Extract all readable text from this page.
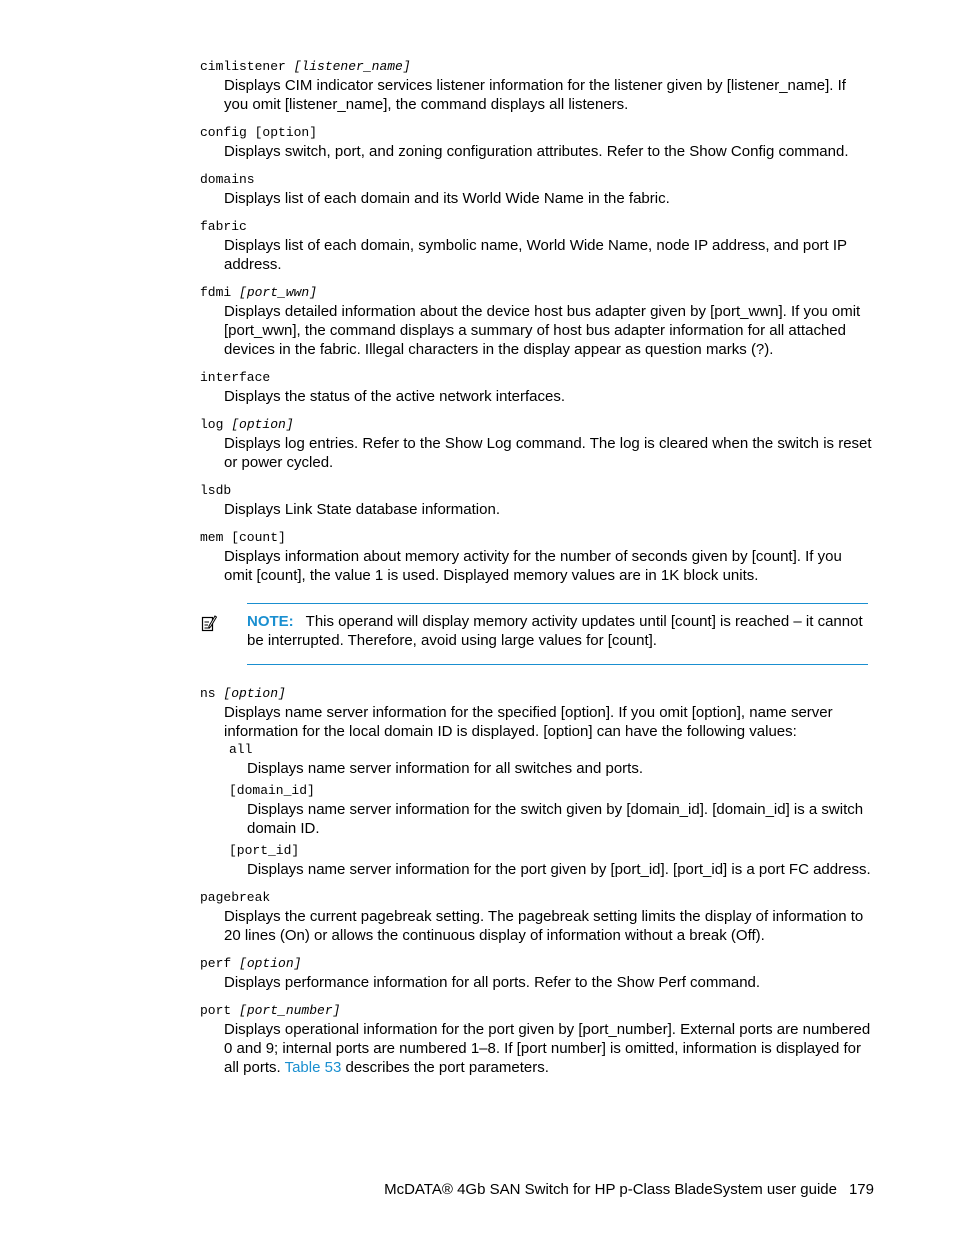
cimlistener [listener_name]
Displays CIM indicator services listener information for the listener given by [listener_name]. If you omit [listener_name], the command displays all listeners.
config [option]
Displays switch, port, and zoning configuration attributes. Refer to the Show Config command.
domains
Displays list of each domain and its World Wide Name in the fabric.
fabric
Displays list of each domain, symbolic name, World Wide Name, node IP address, and port IP address.
fdmi [port_wwn]
Displays detailed information about the device host bus adapter given by [port_wwn]. If you omit [port_wwn], the command displays a summary of host bus adapter information for all attached devices in the fabric. Illegal characters in the display appear as question marks (?).
interface
Displays the status of the active network interfaces.
log [option]
Displays log entries. Refer to the Show Log command. The log is cleared when the switch is reset or power cycled.
lsdb
Displays Link State database information.
mem [count]
Displays information about memory activity for the number of seconds given by [count]. If you omit [count], the value 1 is used. Displayed memory values are in 1K block units.
NOTE: This operand will display memory activity updates until [count] is reached – it cannot be interrupted. Therefore, avoid using large values for [count].
ns [option]
Displays name server information for the specified [option]. If you omit [option], name server information for the local domain ID is displayed. [option] can have the following values:
all
Displays name server information for all switches and ports.
[domain_id]
Displays name server information for the switch given by [domain_id]. [domain_id] is a switch domain ID.
[port_id]
Displays name server information for the port given by [port_id]. [port_id] is a port FC address.
pagebreak
Displays the current pagebreak setting. The pagebreak setting limits the display of information to 20 lines (On) or allows the continuous display of information without a break (Off).
perf [option]
Displays performance information for all ports. Refer to the Show Perf command.
port [port_number]
Displays operational information for the port given by [port_number]. External ports are numbered 0 and 9; internal ports are numbered 1–8. If [port number] is omitted, information is displayed for all ports. Table 53 describes the port parameters.
McDATA® 4Gb SAN Switch for HP p-Class BladeSystem user guide 179
